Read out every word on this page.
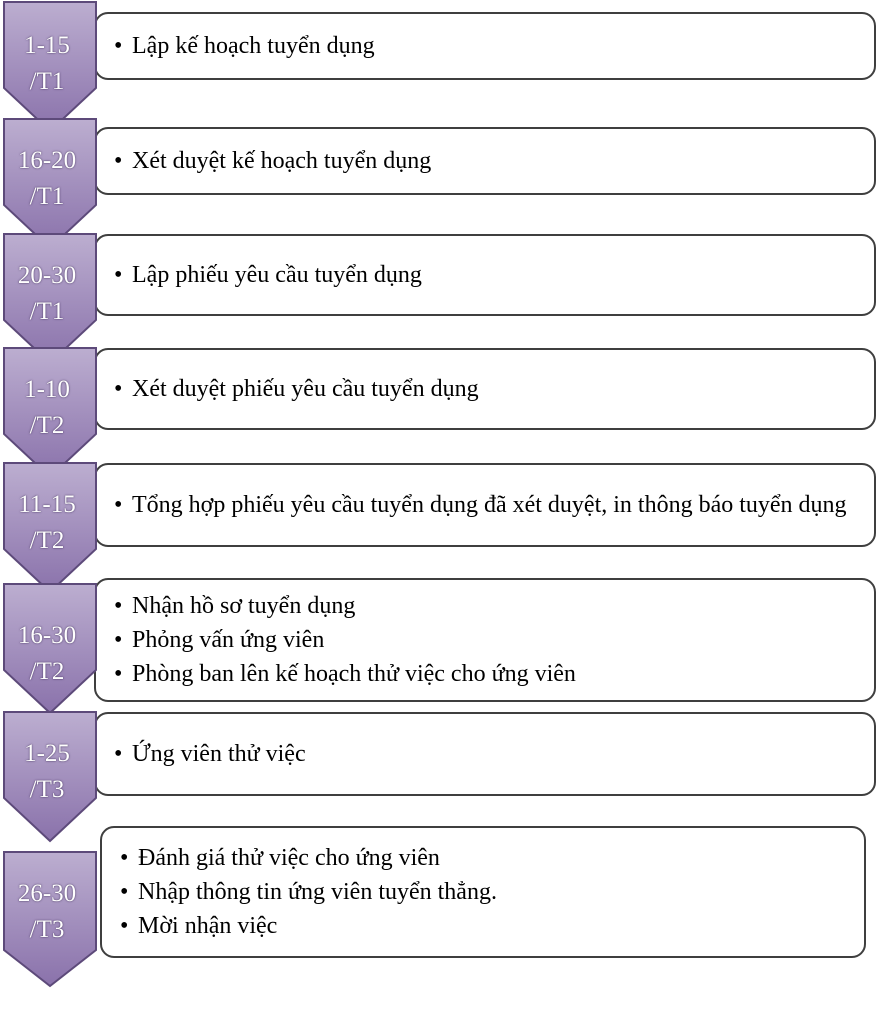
• Lập kế hoạch tuyển dụng
1-15
/T1
• Xét duyệt kế hoạch tuyển dụng
16-20
/T1
• Lập phiếu yêu cầu tuyển dụng
20-30
/T1
• Xét duyệt phiếu yêu cầu tuyển dụng
1-10
/T2
• Tổng hợp phiếu yêu cầu tuyển dụng đã xét duyệt, in thông báo tuyển dụng
11-15
/T2
• Nhận hồ sơ tuyển dụng
• Phỏng vấn ứng viên
• Phòng ban lên kế hoạch thử việc cho ứng viên
16-30
/T2
• Ứng viên thử việc
1-25
/T3
• Đánh giá thử việc cho ứng viên
• Nhập thông tin ứng viên tuyển thẳng.
• Mời nhận việc
26-30
/T3
